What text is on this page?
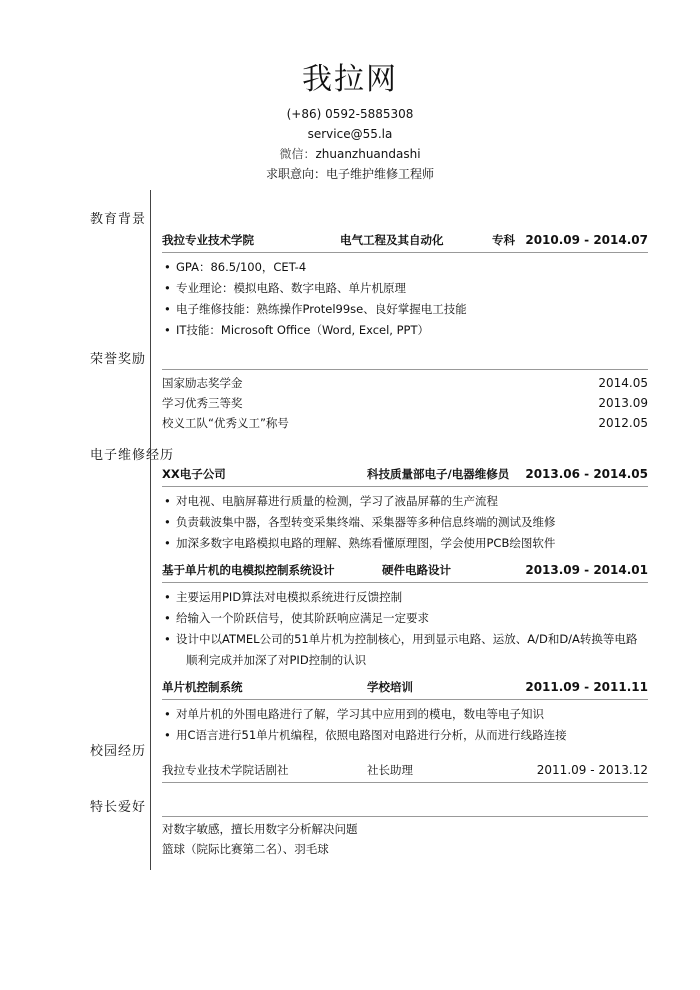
我拉网
(+86) 0592-5885308
service@55.la
微信：zhuanzhuandashi
求职意向：电子维护维修工程师
教育背景
我拉专业技术学院	电气工程及其自动化	专科 2010.09 - 2014.07
• GPA：86.5/100，CET-4
• 专业理论：模拟电路、数字电路、单片机原理
• 电子维修技能：熟练操作Protel99se、良好掌握电工技能
• IT技能：Microsoft Office（Word, Excel, PPT）
荣誉奖励
国家励志奖学金	2014.05
学习优秀三等奖	2013.09
校义工队“优秀义工”称号	2012.05
电子维修经历
XX电子公司	科技质量部电子/电器维修员 2013.06 - 2014.05
• 对电视、电脑屏幕进行质量的检测，学习了液晶屏幕的生产流程
• 负责载波集中器，各型转变采集终端、采集器等多种信息终端的测试及维修
• 加深多数字电路模拟电路的理解、熟练看懂原理图，学会使用PCB绘图软件
基于单片机的电模拟控制系统设计	硬件电路设计	2013.09 - 2014.01
• 主要运用PID算法对电模拟系统进行反馈控制
• 给输入一个阶跃信号，使其阶跃响应满足一定要求
• 设计中以ATMEL公司的51单片机为控制核心，用到显示电路、运放、A/D和D/A转换等电路
顺利完成并加深了对PID控制的认识
单片机控制系统	学校培训	2011.09 - 2011.11
• 对单片机的外围电路进行了解，学习其中应用到的模电，数电等电子知识
• 用C语言进行51单片机编程，依照电路图对电路进行分析，从而进行线路连接
校园经历
我拉专业技术学院话剧社	社长助理	2011.09 - 2013.12
特长爱好
对数字敏感，擅长用数字分析解决问题
篮球（院际比赛第二名）、羽毛球
